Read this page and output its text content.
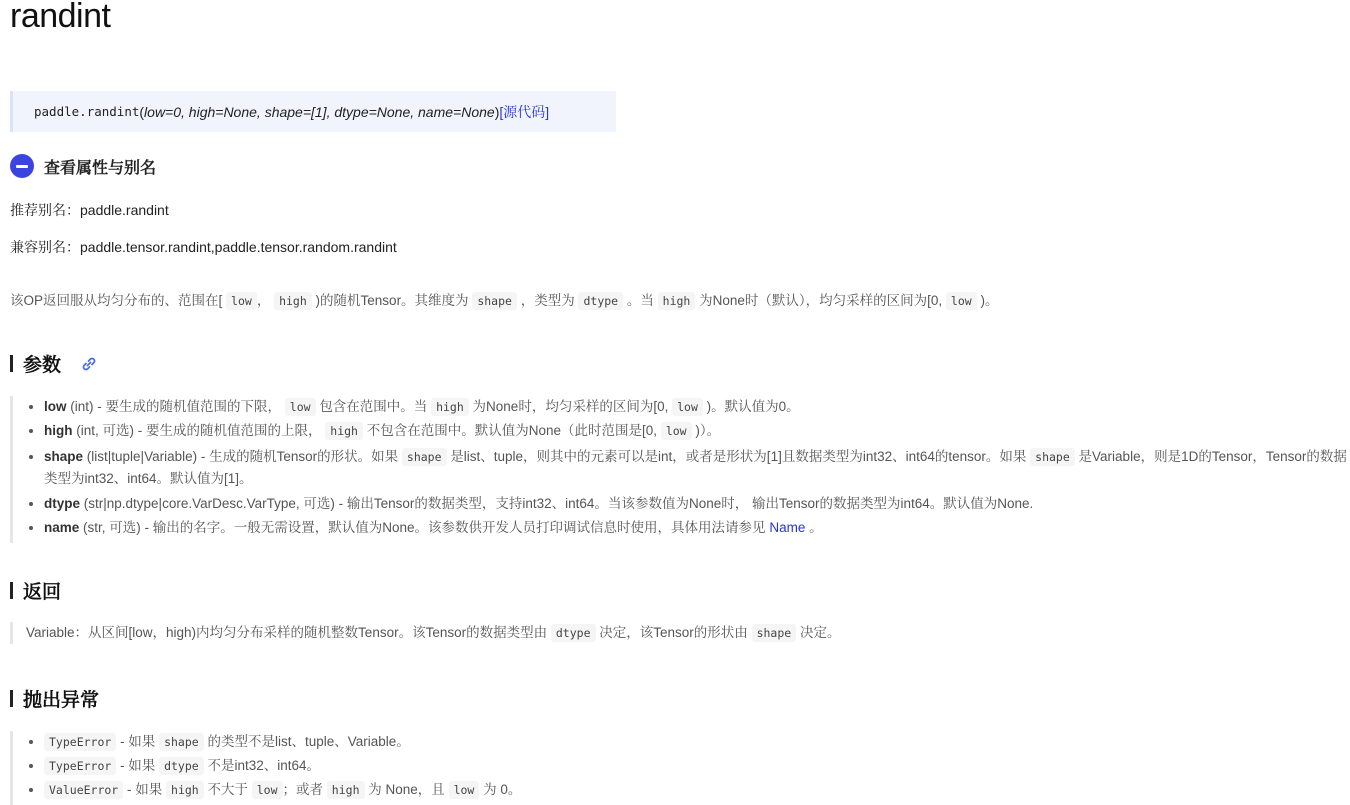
randint
paddle. randint ( low=0, high=None, shape=[1], dtype=None, name=None ) [源代码]
查看属性与别名
推荐别名：paddle.randint
兼容别名：paddle.tensor.randint,paddle.tensor.random.randint
该OP返回服从均匀分布的、范围在[ low ， high )的随机Tensor。其维度为 shape ，类型为 dtype 。当 high 为None时（默认），均匀采样的区间为[0, low )。
参数
• low (int) - 要生成的随机值范围的下限， low 包含在范围中。当 high 为None时，均匀采样的区间为[0, low )。默认值为0。
• high (int, 可选) - 要生成的随机值范围的上限， high 不包含在范围中。默认值为None（此时范围是[0, low )）。
• shape (list|tuple|Variable) - 生成的随机Tensor的形状。如果 shape 是list、tuple，则其中的元素可以是int，或者是形状为[1]且数据类型为int32、int64的tensor。如果 shape 是Variable，则是1D的Tensor，Tensor的数据类型为int32、int64。默认值为[1]。
• dtype (str|np.dtype|core.VarDesc.VarType, 可选) - 输出Tensor的数据类型，支持int32、int64。当该参数值为None时， 输出Tensor的数据类型为int64。默认值为None.
• name (str, 可选) - 输出的名字。一般无需设置，默认值为None。该参数供开发人员打印调试信息时使用，具体用法请参见 Name 。
返回
Variable：从区间[low，high)内均匀分布采样的随机整数Tensor。该Tensor的数据类型由 dtype 决定，该Tensor的形状由 shape 决定。
抛出异常
• TypeError - 如果 shape 的类型不是list、tuple、Variable。
• TypeError - 如果 dtype 不是int32、int64。
• ValueError - 如果 high 不大于 low ；或者 high 为 None，且 low 为 0。
